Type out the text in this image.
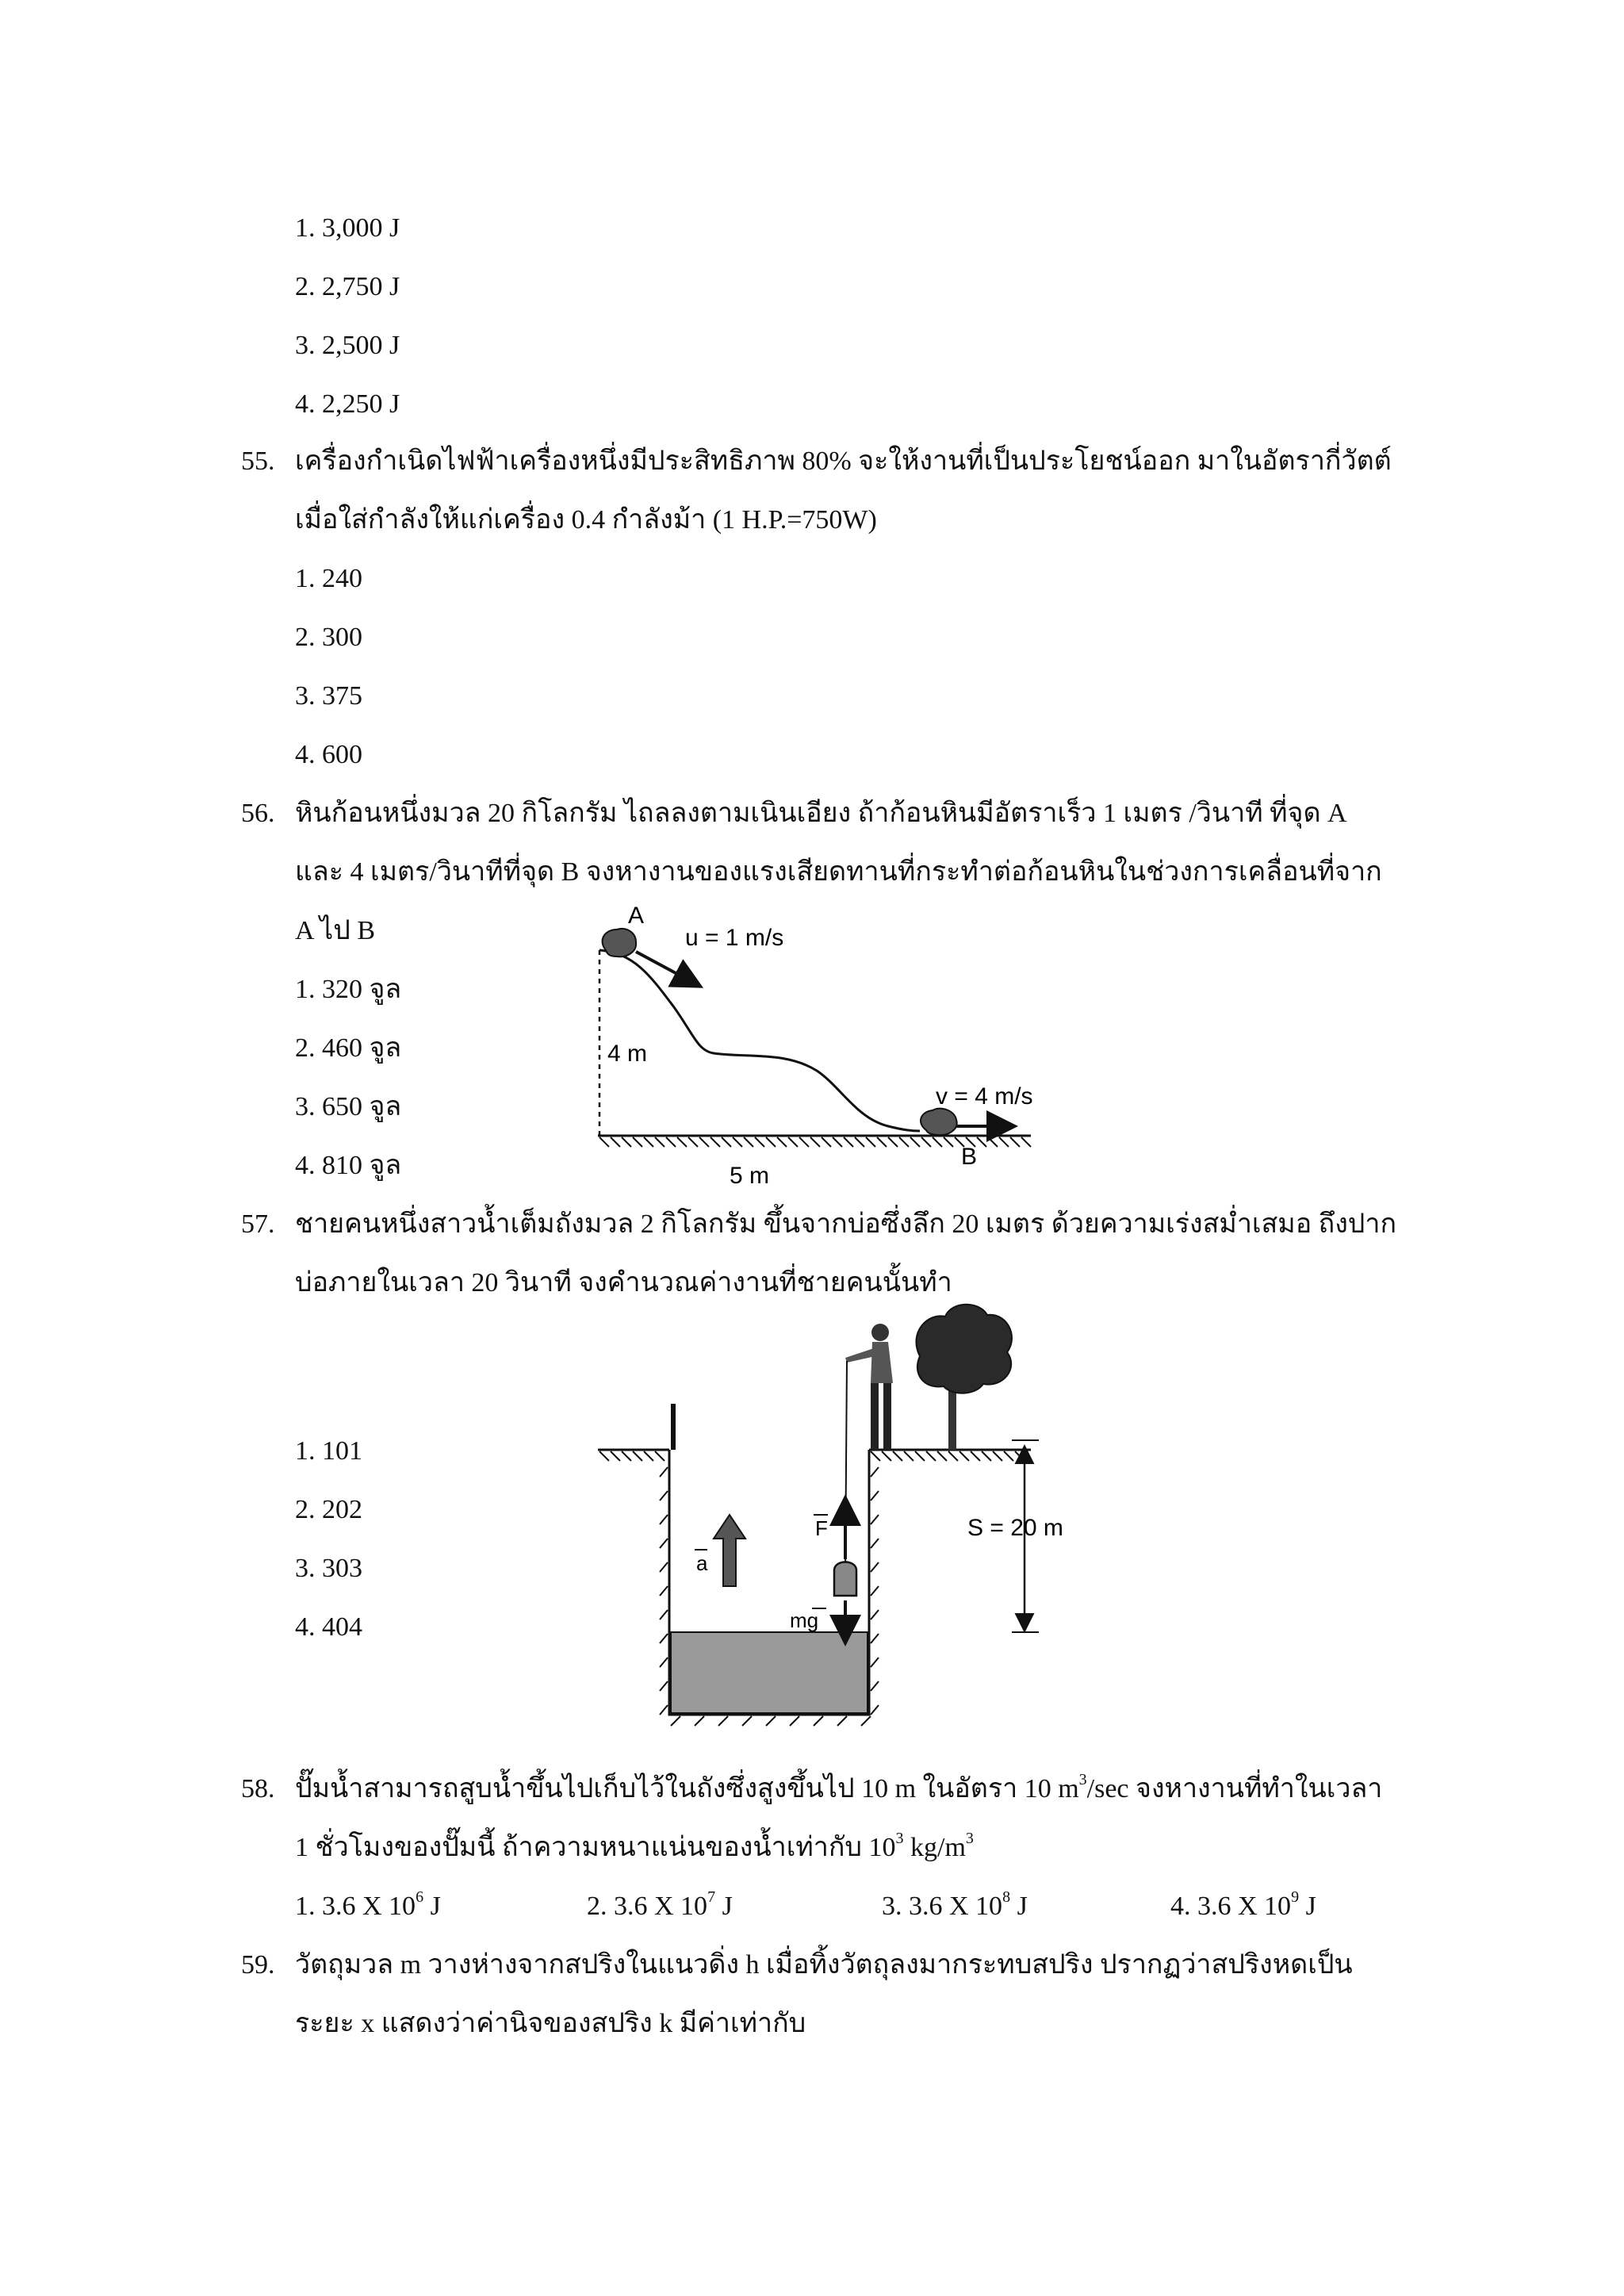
1. 3,000 J
2. 2,750 J
3. 2,500 J
4. 2,250 J
55. เครื่องกำเนิดไฟฟ้าเครื่องหนึ่งมีประสิทธิภาพ 80% จะให้งานที่เป็นประโยชน์ออก มาในอัตรากี่วัตต์
เมื่อใส่กำลังให้แก่เครื่อง 0.4 กำลังม้า (1 H.P.=750W)
1. 240
2. 300
3. 375
4. 600
56. หินก้อนหนึ่งมวล 20 กิโลกรัม ไถลลงตามเนินเอียง ถ้าก้อนหินมีอัตราเร็ว 1 เมตร /วินาที ที่จุด A
และ 4 เมตร/วินาทีที่จุด B จงหางานของแรงเสียดทานที่กระทำต่อก้อนหินในช่วงการเคลื่อนที่จาก
A ไป B
1. 320 จูล
2. 460 จูล
3. 650 จูล
4. 810 จูล
A
B
u = 1 m/s
v = 4 m/s
4 m
5 m
57. ชายคนหนึ่งสาวน้ำเต็มถังมวล 2 กิโลกรัม ขึ้นจากบ่อซึ่งลึก 20 เมตร ด้วยความเร่งสม่ำเสมอ ถึงปาก
บ่อภายในเวลา 20 วินาที จงคำนวณค่างานที่ชายคนนั้นทำ
1. 101
2. 202
3. 303
4. 404
F
mg
a
S = 20 m
58. ปั๊มน้ำสามารถสูบน้ำขึ้นไปเก็บไว้ในถังซึ่งสูงขึ้นไป 10 m ในอัตรา 10 $m^3/\sec$ จงหางานที่ทำในเวลา
1 ชั่วโมงของปั๊มนี้ ถ้าความหนาแน่นของน้ำเท่ากับ $10^3$ $kg/m^3$
1. 3.6 X $10^6$ J	2. 3.6 X $10^7$ J	3. 3.6 X $10^8$ J	4. 3.6 X $10^9$ J
59. วัตถุมวล m วางห่างจากสปริงในแนวดิ่ง h เมื่อทิ้งวัตถุลงมากระทบสปริง ปรากฏว่าสปริงหดเป็น
ระยะ x แสดงว่าค่านิจของสปริง k มีค่าเท่ากับ
